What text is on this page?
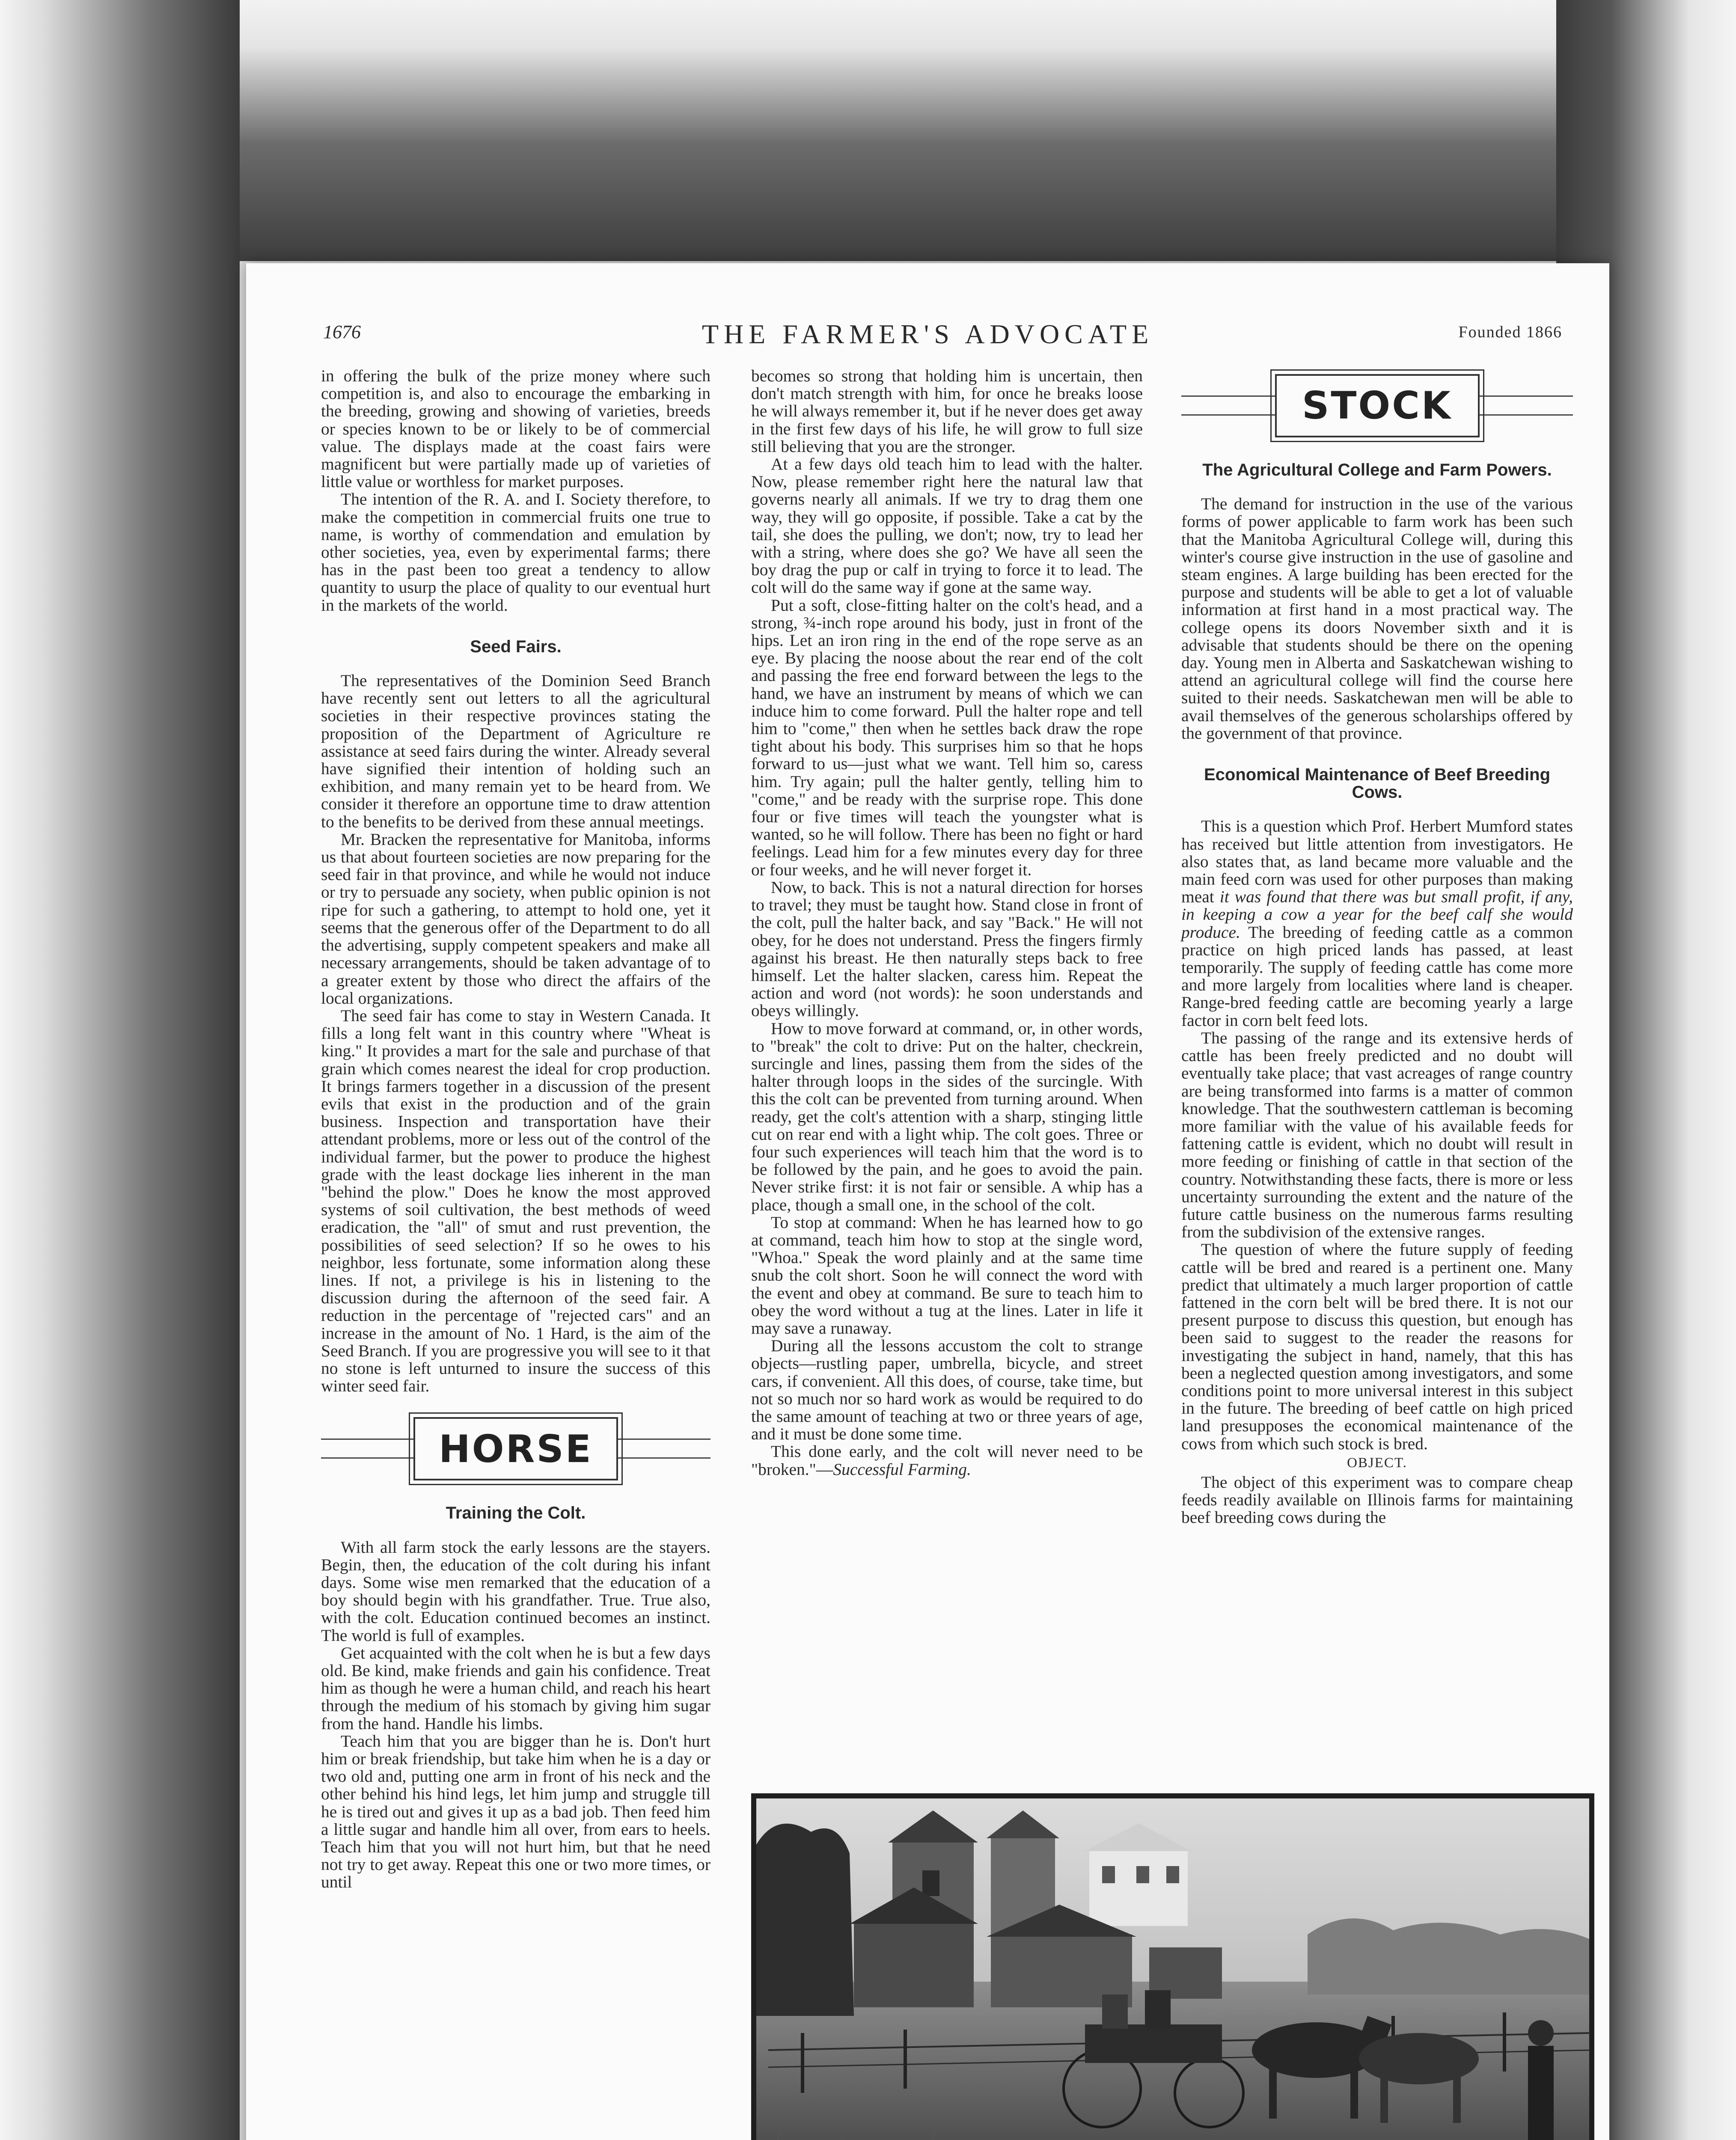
1676	THE FARMER'S ADVOCATE	Founded 1866

in offering the bulk of the prize money where such competition is, and also to encourage the embarking in the breeding, growing and showing of varieties, breeds or species known to be or likely to be of commercial value. The displays made at the coast fairs were magnificent but were partially made up of varieties of little value or worthless for market purposes.

The intention of the R. A. and I. Society therefore, to make the competition in commercial fruits one true to name, is worthy of commendation and emulation by other societies, yea, even by experimental farms; there has in the past been too great a tendency to allow quantity to usurp the place of quality to our eventual hurt in the markets of the world.

Seed Fairs.

The representatives of the Dominion Seed Branch have recently sent out letters to all the agricultural societies in their respective provinces stating the proposition of the Department of Agriculture re assistance at seed fairs during the winter. Already several have signified their intention of holding such an exhibition, and many remain yet to be heard from. We consider it therefore an opportune time to draw attention to the benefits to be derived from these annual meetings.

Mr. Bracken the representative for Manitoba, informs us that about fourteen societies are now preparing for the seed fair in that province, and while he would not induce or try to persuade any society, when public opinion is not ripe for such a gathering, to attempt to hold one, yet it seems that the generous offer of the Department to do all the advertising, supply competent speakers and make all necessary arrangements, should be taken advantage of to a greater extent by those who direct the affairs of the local organizations.

The seed fair has come to stay in Western Canada. It fills a long felt want in this country where "Wheat is king." It provides a mart for the sale and purchase of that grain which comes nearest the ideal for crop production. It brings farmers together in a discussion of the present evils that exist in the production and of the grain business. Inspection and transportation have their attendant problems, more or less out of the control of the individual farmer, but the power to produce the highest grade with the least dockage lies inherent in the man "behind the plow." Does he know the most approved systems of soil cultivation, the best methods of weed eradication, the "all" of smut and rust prevention, the possibilities of seed selection? If so he owes to his neighbor, less fortunate, some information along these lines. If not, a privilege is his in listening to the discussion during the afternoon of the seed fair. A reduction in the percentage of "rejected cars" and an increase in the amount of No. 1 Hard, is the aim of the Seed Branch. If you are progressive you will see to it that no stone is left unturned to insure the success of this winter seed fair.

HORSE
Training the Colt.

With all farm stock the early lessons are the stayers. Begin, then, the education of the colt during his infant days. Some wise men remarked that the education of a boy should begin with his grandfather. True. True also, with the colt. Education continued becomes an instinct. The world is full of examples.

Get acquainted with the colt when he is but a few days old. Be kind, make friends and gain his confidence. Treat him as though he were a human child, and reach his heart through the medium of his stomach by giving him sugar from the hand. Handle his limbs.

Teach him that you are bigger than he is. Don't hurt him or break friendship, but take him when he is a day or two old and, putting one arm in front of his neck and the other behind his hind legs, let him jump and struggle till he is tired out and gives it up as a bad job. Then feed him a little sugar and handle him all over, from ears to heels. Teach him that you will not hurt him, but that he need not try to get away. Repeat this one or two more times, or until

becomes so strong that holding him is uncertain, then don't match strength with him, for once he breaks loose he will always remember it, but if he never does get away in the first few days of his life, he will grow to full size still believing that you are the stronger.

At a few days old teach him to lead with the halter. Now, please remember right here the natural law that governs nearly all animals. If we try to drag them one way, they will go opposite, if possible. Take a cat by the tail, she does the pulling, we don't; now, try to lead her with a string, where does she go? We have all seen the boy drag the pup or calf in trying to force it to lead. The colt will do the same way if gone at the same way.

Put a soft, close-fitting halter on the colt's head, and a strong, ¾-inch rope around his body, just in front of the hips. Let an iron ring in the end of the rope serve as an eye. By placing the noose about the rear end of the colt and passing the free end forward between the legs to the hand, we have an instrument by means of which we can induce him to come forward. Pull the halter rope and tell him to "come," then when he settles back draw the rope tight about his body. This surprises him so that he hops forward to us—just what we want. Tell him so, caress him. Try again; pull the halter gently, telling him to "come," and be ready with the surprise rope. This done four or five times will teach the youngster what is wanted, so he will follow. There has been no fight or hard feelings. Lead him for a few minutes every day for three or four weeks, and he will never forget it.

Now, to back. This is not a natural direction for horses to travel; they must be taught how. Stand close in front of the colt, pull the halter back, and say "Back." He will not obey, for he does not understand. Press the fingers firmly against his breast. He then naturally steps back to free himself. Let the halter slacken, caress him. Repeat the action and word (not words): he soon understands and obeys willingly.

How to move forward at command, or, in other words, to "break" the colt to drive: Put on the halter, checkrein, surcingle and lines, passing them from the sides of the halter through loops in the sides of the surcingle. With this the colt can be prevented from turning around. When ready, get the colt's attention with a sharp, stinging little cut on rear end with a light whip. The colt goes. Three or four such experiences will teach him that the word is to be followed by the pain, and he goes to avoid the pain. Never strike first: it is not fair or sensible. A whip has a place, though a small one, in the school of the colt.

To stop at command: When he has learned how to go at command, teach him how to stop at the single word, "Whoa." Speak the word plainly and at the same time snub the colt short. Soon he will connect the word with the event and obey at command. Be sure to teach him to obey the word without a tug at the lines. Later in life it may save a runaway.

During all the lessons accustom the colt to strange objects—rustling paper, umbrella, bicycle, and street cars, if convenient. All this does, of course, take time, but not so much nor so hard work as would be required to do the same amount of teaching at two or three years of age, and it must be done some time.

This done early, and the colt will never need to be "broken."—Successful Farming.

STOCK
The Agricultural College and Farm Powers.

The demand for instruction in the use of the various forms of power applicable to farm work has been such that the Manitoba Agricultural College will, during this winter's course give instruction in the use of gasoline and steam engines. A large building has been erected for the purpose and students will be able to get a lot of valuable information at first hand in a most practical way. The college opens its doors November sixth and it is advisable that students should be there on the opening day. Young men in Alberta and Saskatchewan wishing to attend an agricultural college will find the course here suited to their needs. Saskatchewan men will be able to avail themselves of the generous scholarships offered by the government of that province.

Economical Maintenance of Beef Breeding Cows.

This is a question which Prof. Herbert Mumford states has received but little attention from investigators. He also states that, as land became more valuable and the main feed corn was used for other purposes than making meat it was found that there was but small profit, if any, in keeping a cow a year for the beef calf she would produce. The breeding of feeding cattle as a common practice on high priced lands has passed, at least temporarily. The supply of feeding cattle has come more and more largely from localities where land is cheaper. Range-bred feeding cattle are becoming yearly a large factor in corn belt feed lots.

The passing of the range and its extensive herds of cattle has been freely predicted and no doubt will eventually take place; that vast acreages of range country are being transformed into farms is a matter of common knowledge. That the southwestern cattleman is becoming more familiar with the value of his available feeds for fattening cattle is evident, which no doubt will result in more feeding or finishing of cattle in that section of the country. Notwithstanding these facts, there is more or less uncertainty surrounding the extent and the nature of the future cattle business on the numerous farms resulting from the subdivision of the extensive ranges.

The question of where the future supply of feeding cattle will be bred and reared is a pertinent one. Many predict that ultimately a much larger proportion of cattle fattened in the corn belt will be bred there. It is not our present purpose to discuss this question, but enough has been said to suggest to the reader the reasons for investigating the subject in hand, namely, that this has been a neglected question among investigators, and some conditions point to more universal interest in this subject in the future. The breeding of beef cattle on high priced land presupposes the economical maintenance of the cows from which such stock is bred.

OBJECT.

The object of this experiment was to compare cheap feeds readily available on Illinois farms for maintaining beef breeding cows during the
